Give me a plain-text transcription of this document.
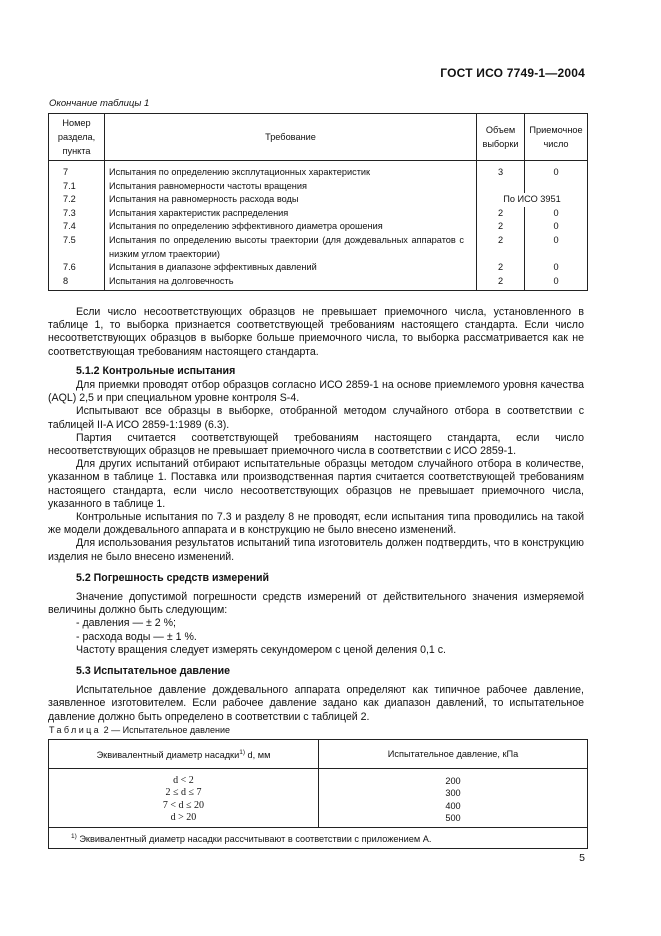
ГОСТ ИСО 7749-1—2004
Окончание таблицы 1
Номер раздела, пункта	Требование	Объем выборки	Приемочное число
7	Испытания по определению эксплутационных характеристик	3	0
7.1	Испытания равномерности частоты вращения		
7.2	Испытания на равномерность расхода воды	По ИСО 3951	
7.3	Испытания характеристик распределения	2	0
7.4	Испытания по определению эффективного диаметра орошения	2	0
7.5	Испытания по определению высоты траектории (для дождевальных аппаратов с низким углом траектории)	2	0
7.6	Испытания в диапазоне эффективных давлений	2	0
8	Испытания на долговечность	2	0

Если число несоответствующих образцов не превышает приемочного числа, установленного в таблице 1, то выборка признается соответствующей требованиям настоящего стандарта. Если число несоответствующих образцов в выборке больше приемочного числа, то выборка рассматривается как не соответствующая требованиям настоящего стандарта.

5.1.2 Контрольные испытания

Для приемки проводят отбор образцов согласно ИСО 2859-1 на основе приемлемого уровня качества (AQL) 2,5 и при специальном уровне контроля S-4.

Испытывают все образцы в выборке, отобранной методом случайного отбора в соответствии с таблицей II-A ИСО 2859-1:1989 (6.3).

Партия считается соответствующей требованиям настоящего стандарта, если число несоответствующих образцов не превышает приемочного числа в соответствии с ИСО 2859-1.

Для других испытаний отбирают испытательные образцы методом случайного отбора в количестве, указанном в таблице 1. Поставка или производственная партия считается соответствующей требованиям настоящего стандарта, если число несоответствующих образцов не превышает приемочного числа, указанного в таблице 1.

Контрольные испытания по 7.3 и разделу 8 не проводят, если испытания типа проводились на такой же модели дождевального аппарата и в конструкцию не было внесено изменений.

Для использования результатов испытаний типа изготовитель должен подтвердить, что в конструкцию изделия не было внесено изменений.

5.2 Погрешность средств измерений

Значение допустимой погрешности средств измерений от действительного значения измеряемой величины должно быть следующим:

- давления — ± 2 %;

- расхода воды — ± 1 %.

Частоту вращения следует измерять секундомером с ценой деления 0,1 с.

5.3 Испытательное давление

Испытательное давление дождевального аппарата определяют как типичное рабочее давление, заявленное изготовителем. Если рабочее давление задано как диапазон давлений, то испытательное давление должно быть определено в соответствии с таблицей 2.

Таблица 2 — Испытательное давление
Эквивалентный диаметр насадки$^{1)}$ d, мм	Испытательное давление, кПа
d < 2	200
2 ≤ d ≤ 7	300
7 < d ≤ 20	400
d > 20	500
$^{1)}$ Эквивалентный диаметр насадки рассчитывают в соответствии с приложением А.	
5
